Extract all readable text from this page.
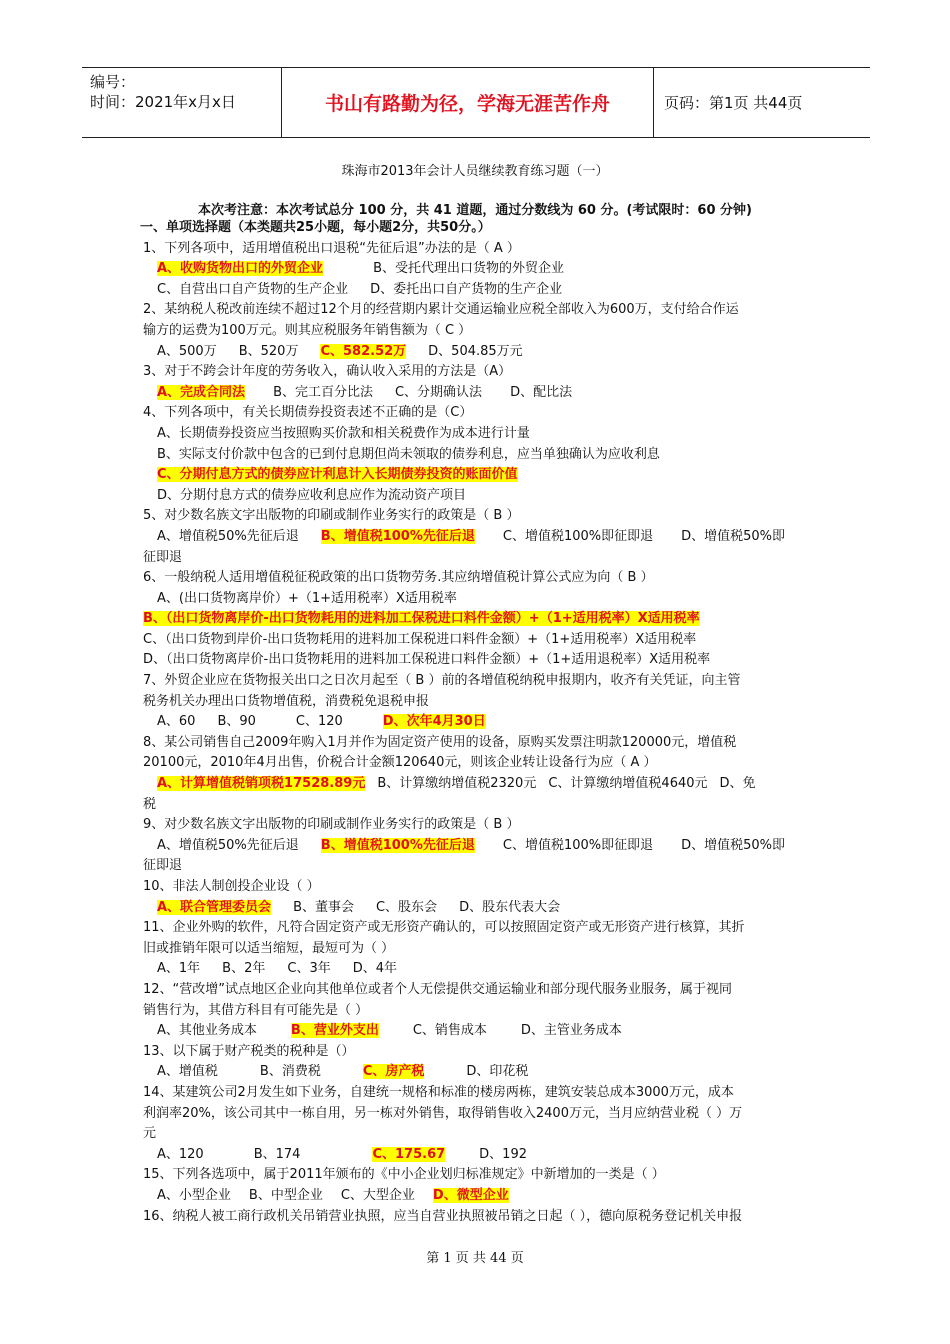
编号：
时间：2021年x月x日	书山有路勤为径，学海无涯苦作舟	页码：第1页 共44页
珠海市2013年会计人员继续教育练习题（一）
本次考注意：本次考试总分 100 分，共 41 道题，通过分数线为 60 分。(考试限时：60 分钟)
一、单项选择题（本类题共25小题，每小题2分，共50分。）
1、下列各项中，适用增值税出口退税“先征后退”办法的是（ A ）
A、收购货物出口的外贸企业	B、受托代理出口货物的外贸企业
C、自营出口自产货物的生产企业 D、委托出口自产货物的生产企业
2、某纳税人税改前连续不超过12个月的经营期内累计交通运输业应税全部收入为600万，支付给合作运
输方的运费为100万元。则其应税服务年销售额为（ C ）
A、500万 B、520万 C、582.52万 D、504.85万元
3、对于不跨会计年度的劳务收入，确认收入采用的方法是（A）
A、完成合同法 B、完工百分比法 C、分期确认法 D、配比法
4、下列各项中，有关长期债券投资表述不正确的是（C）
A、长期债券投资应当按照购买价款和相关税费作为成本进行计量
B、实际支付价款中包含的已到付息期但尚未领取的债券利息，应当单独确认为应收利息
C、分期付息方式的债券应计利息计入长期债券投资的账面价值
D、分期付息方式的债券应收利息应作为流动资产项目
5、对少数名族文字出版物的印刷或制作业务实行的政策是（ B ）
A、增值税50%先征后退 B、增值税100%先征后退 C、增值税100%即征即退 D、增值税50%即
征即退
6、一般纳税人适用增值税征税政策的出口货物劳务.其应纳增值税计算公式应为向（ B ）
A、(出口货物离岸价）+（1+适用税率）X适用税率
B、（出口货物离岸价-出口货物耗用的进料加工保税进口料件金额）+（1+适用税率）X适用税率
C、（出口货物到岸价-出口货物耗用的进料加工保税进口料件金额）+（1+适用税率）X适用税率
D、（出口货物离岸价-出口货物耗用的进料加工保税进口料件金额）+（1+适用退税率）X适用税率
7、外贸企业应在货物报关出口之日次月起至（ B ）前的各增值税纳税申报期内，收齐有关凭证，向主管
税务机关办理出口货物增值税，消费税免退税申报
A、60 B、90	C、120	D、次年4月30日
8、某公司销售自己2009年购入1月并作为固定资产使用的设备，原购买发票注明款120000元，增值税
20100元，2010年4月出售，价税合计金额120640元，则该企业转让设备行为应（ A ）
A、计算增值税销项税17528.89元 B、计算缴纳增值税2320元 C、计算缴纳增值税4640元 D、免
税
9、对少数名族文字出版物的印刷或制作业务实行的政策是（ B ）
A、增值税50%先征后退 B、增值税100%先征后退 C、增值税100%即征即退 D、增值税50%即
征即退
10、非法人制创投企业设（ ）
A、联合管理委员会 B、董事会 C、股东会 D、股东代表大会
11、企业外购的软件，凡符合固定资产或无形资产确认的，可以按照固定资产或无形资产进行核算，其折
旧或推销年限可以适当缩短，最短可为（ ）
A、1年 B、2年 C、3年 D、4年
12、“营改增”试点地区企业向其他单位或者个人无偿提供交通运输业和部分现代服务业服务，属于视同
销售行为，其借方科目有可能先是（ ）
A、其他业务成本	B、营业外支出	C、销售成本	D、主管业务成本
13、以下属于财产税类的税种是（）
A、增值税	B、消费税	C、房产税	D、印花税
14、某建筑公司2月发生如下业务，自建统一规格和标准的楼房两栋，建筑安装总成本3000万元，成本
利润率20%，该公司其中一栋自用，另一栋对外销售，取得销售收入2400万元，当月应纳营业税（ ）万
元
A、120	B、174	C、175.67	D、192
15、下列各选项中，属于2011年颁布的《中小企业划归标准规定》中新增加的一类是（ ）
A、小型企业 B、中型企业 C、大型企业 D、微型企业
16、纳税人被工商行政机关吊销营业执照，应当自营业执照被吊销之日起（ ），德向原税务登记机关申报
第 1 页 共 44 页
